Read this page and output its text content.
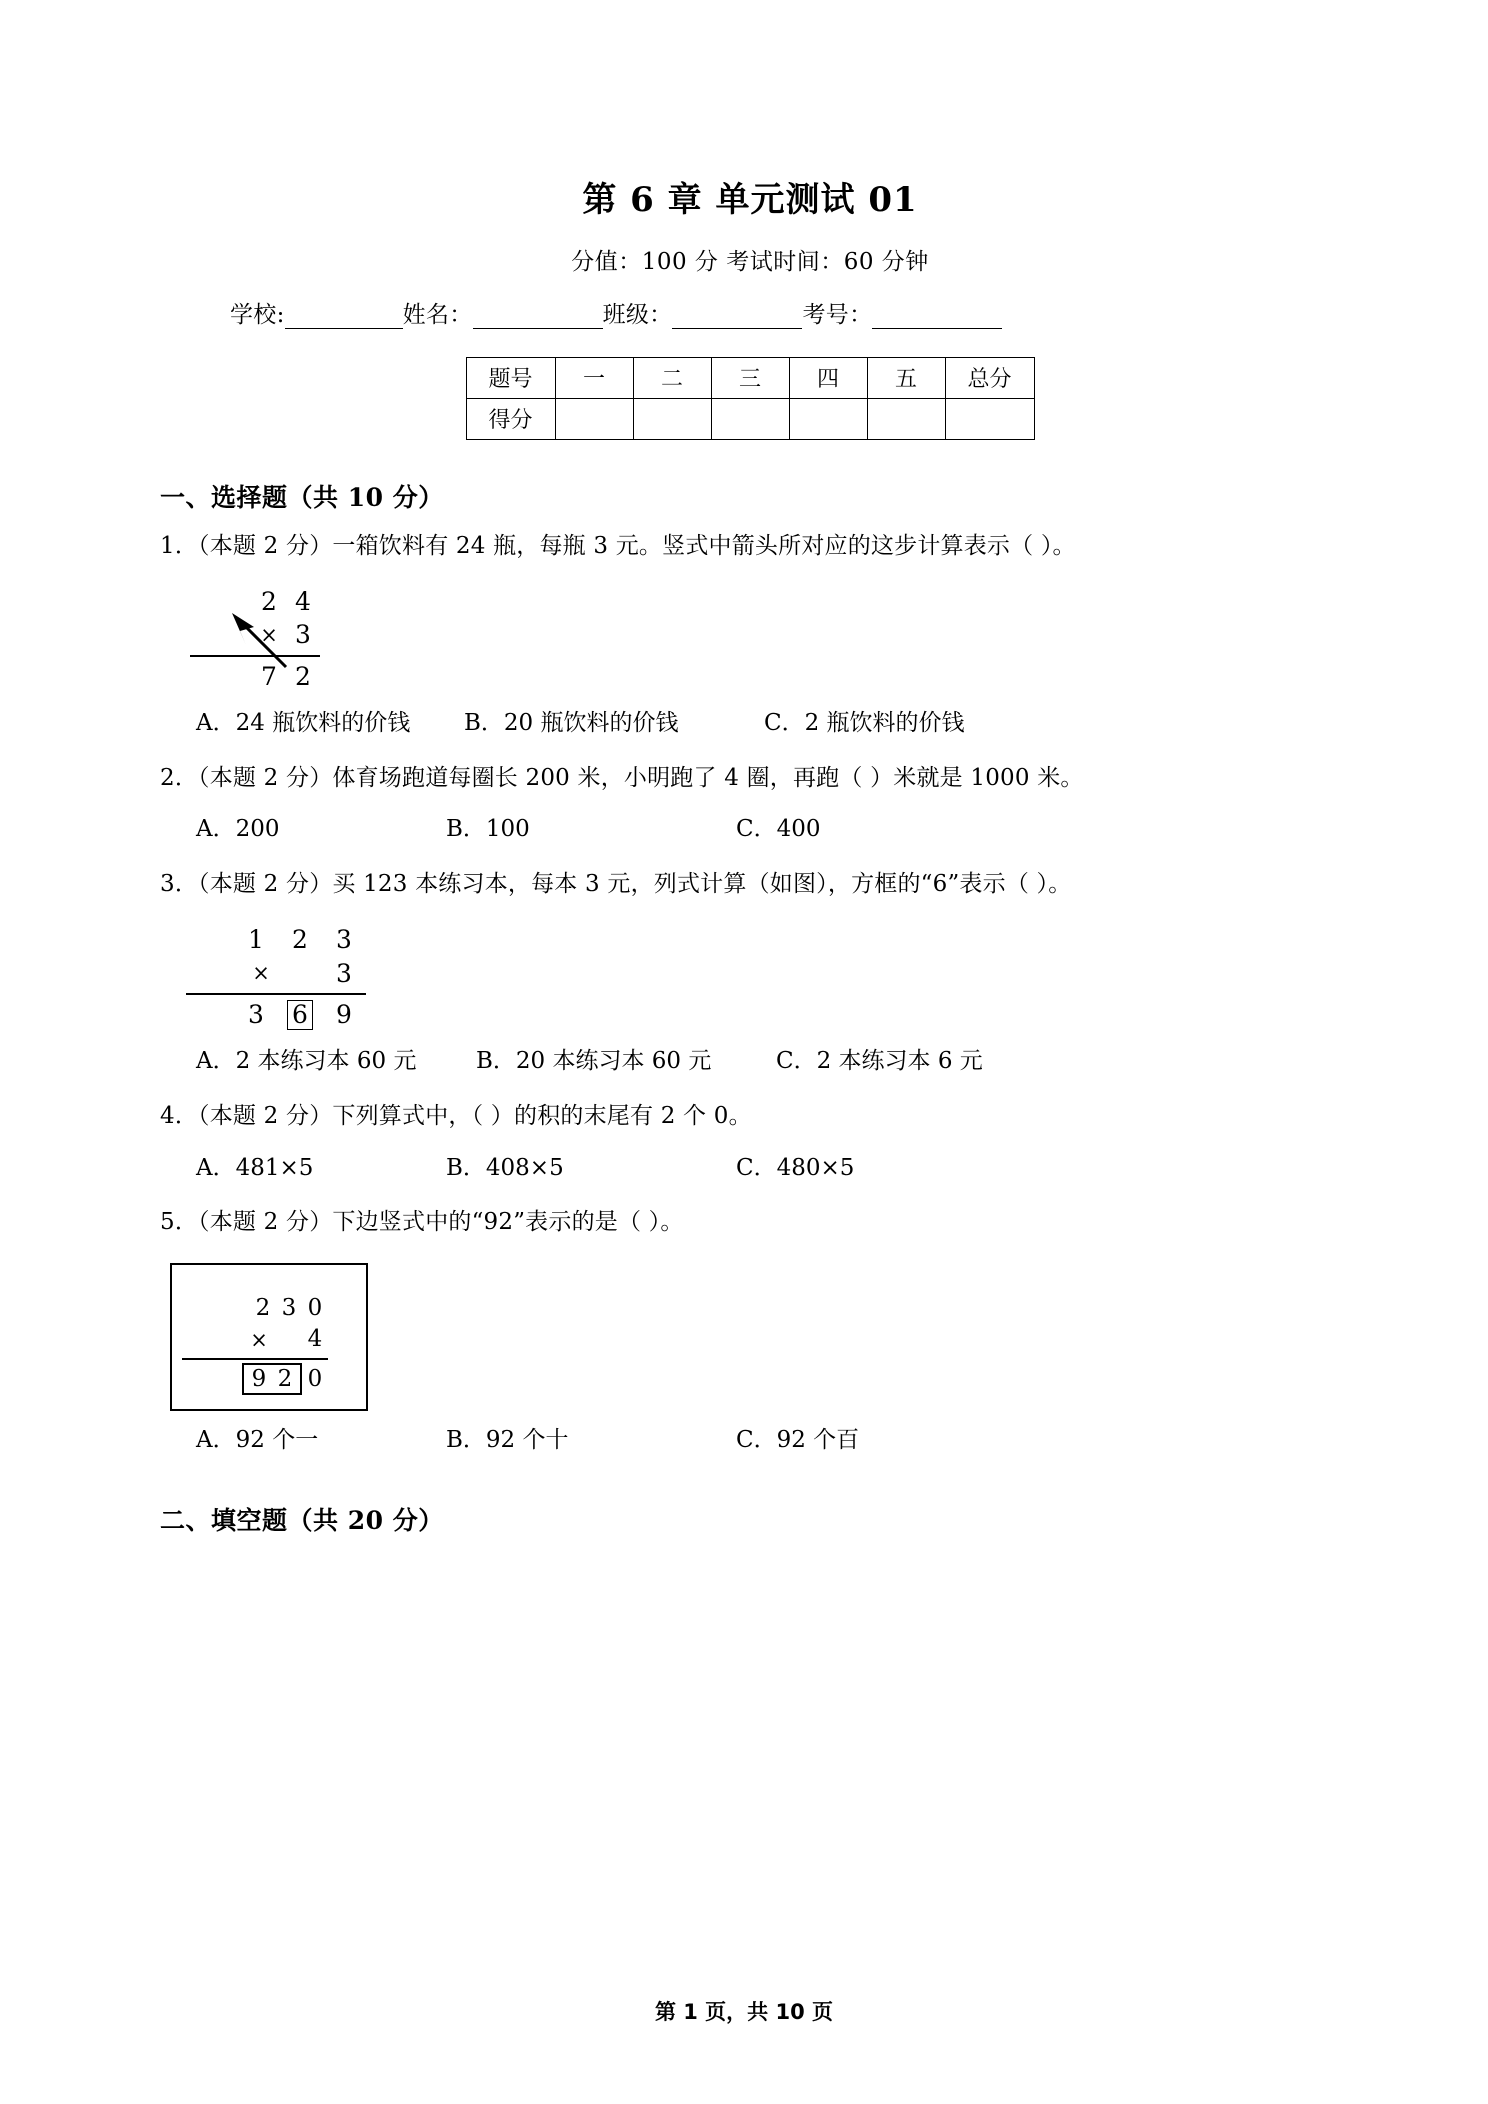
第 6 章 单元测试 01
分值：100 分 考试时间：60 分钟
学校:	姓名：	班级：	考号：
题号	一	二	三	四	五	总分
得分						
一、选择题（共 10 分）
1．（本题 2 分）一箱饮料有 24 瓶，每瓶 3 元。竖式中箭头所对应的这步计算表示（ ）。
2 4
× 3
7 2
A．24 瓶饮料的价钱 B．20 瓶饮料的价钱	C．2 瓶饮料的价钱
2．（本题 2 分）体育场跑道每圈长 200 米，小明跑了 4 圈，再跑（ ）米就是 1000 米。
A．200	B．100	C．400
3．（本题 2 分）买 123 本练习本，每本 3 元，列式计算（如图），方框的“6”表示（ ）。
1	2	3
×	3
3	6	9
A．2 本练习本 60 元	B．20 本练习本 60 元	C．2 本练习本 6 元
4．（本题 2 分）下列算式中，（ ）的积的末尾有 2 个 0。
A．481×5	B．408×5	C．480×5
5．（本题 2 分）下边竖式中的“92”表示的是（ ）。
2 3 0
×	4
9 2 0
A．92 个一	B．92 个十	C．92 个百
二、填空题（共 20 分）
第 1 页，共 10 页
